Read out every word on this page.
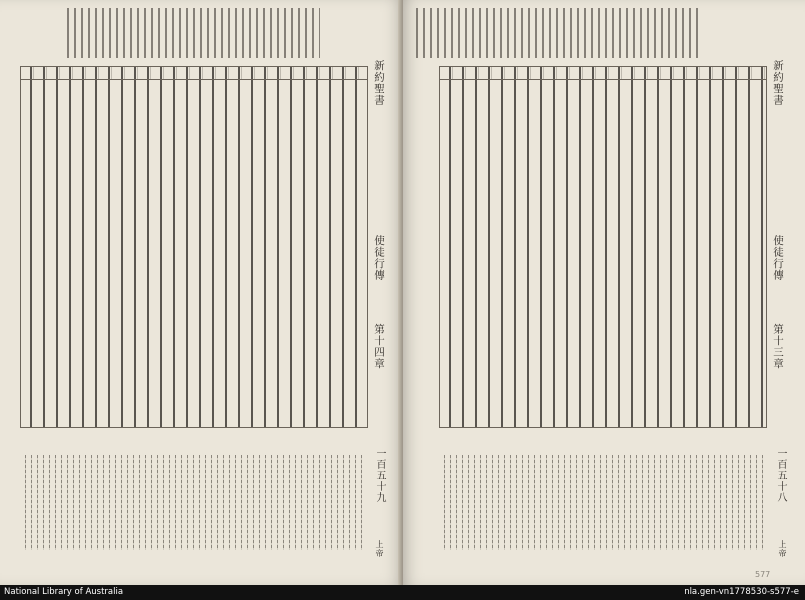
新約聖書  使徒行傳  第十四章
一百五十九
上帝
新約聖書  使徒行傳  第十三章
一百五十八
上帝
577
National Library of Australia	nla.gen-vn1778530-s577-e
